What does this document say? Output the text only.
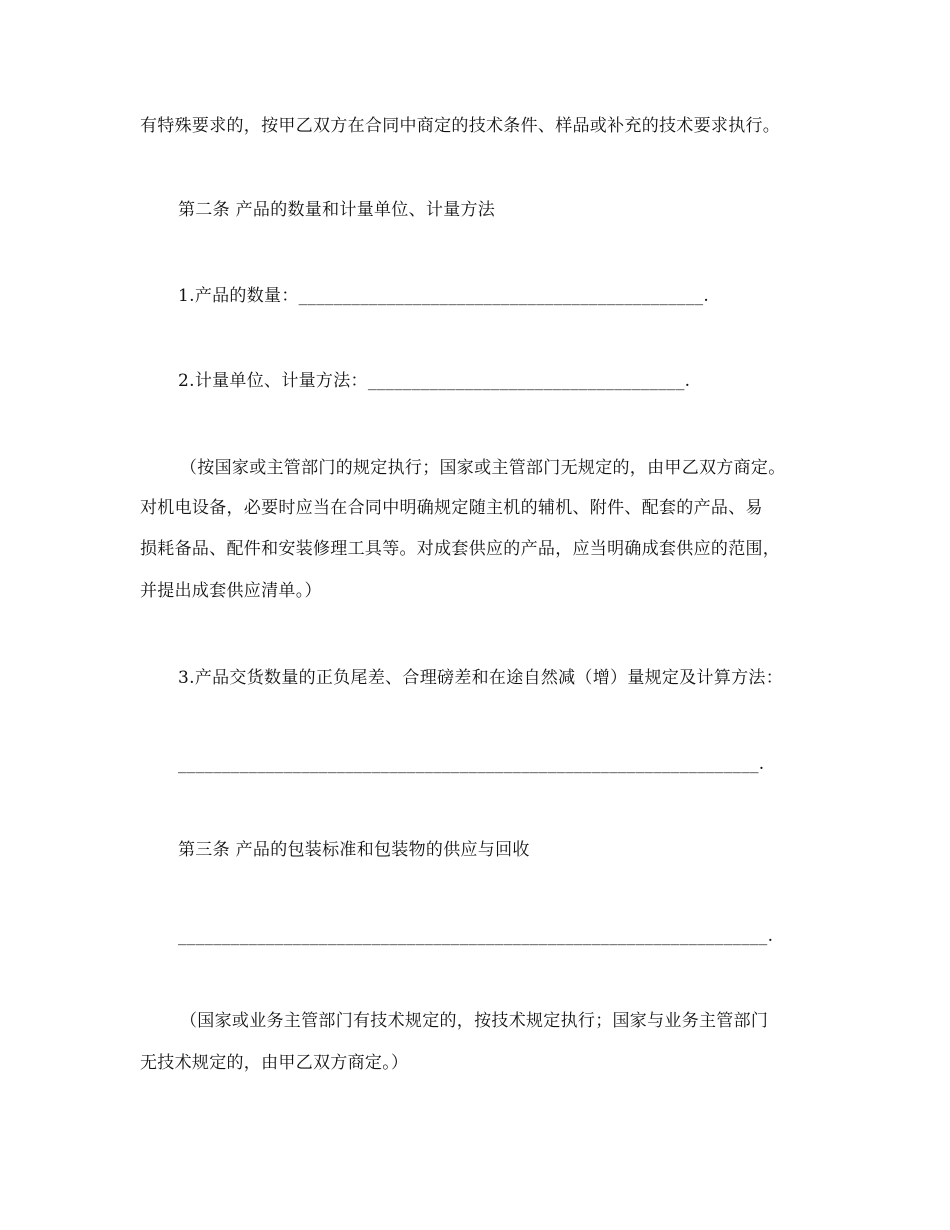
有特殊要求的，按甲乙双方在合同中商定的技术条件、样品或补充的技术要求执行。
第二条 产品的数量和计量单位、计量方法
1.产品的数量：______________________________________________.
2.计量单位、计量方法：____________________________________.
（按国家或主管部门的规定执行；国家或主管部门无规定的，由甲乙双方商定。
对机电设备，必要时应当在合同中明确规定随主机的辅机、附件、配套的产品、易
损耗备品、配件和安装修理工具等。对成套供应的产品，应当明确成套供应的范围，
并提出成套供应清单。）
3.产品交货数量的正负尾差、合理磅差和在途自然减（增）量规定及计算方法：
__________________________________________________________________.
第三条 产品的包装标准和包装物的供应与回收
___________________________________________________________________.
（国家或业务主管部门有技术规定的，按技术规定执行；国家与业务主管部门
无技术规定的，由甲乙双方商定。）
